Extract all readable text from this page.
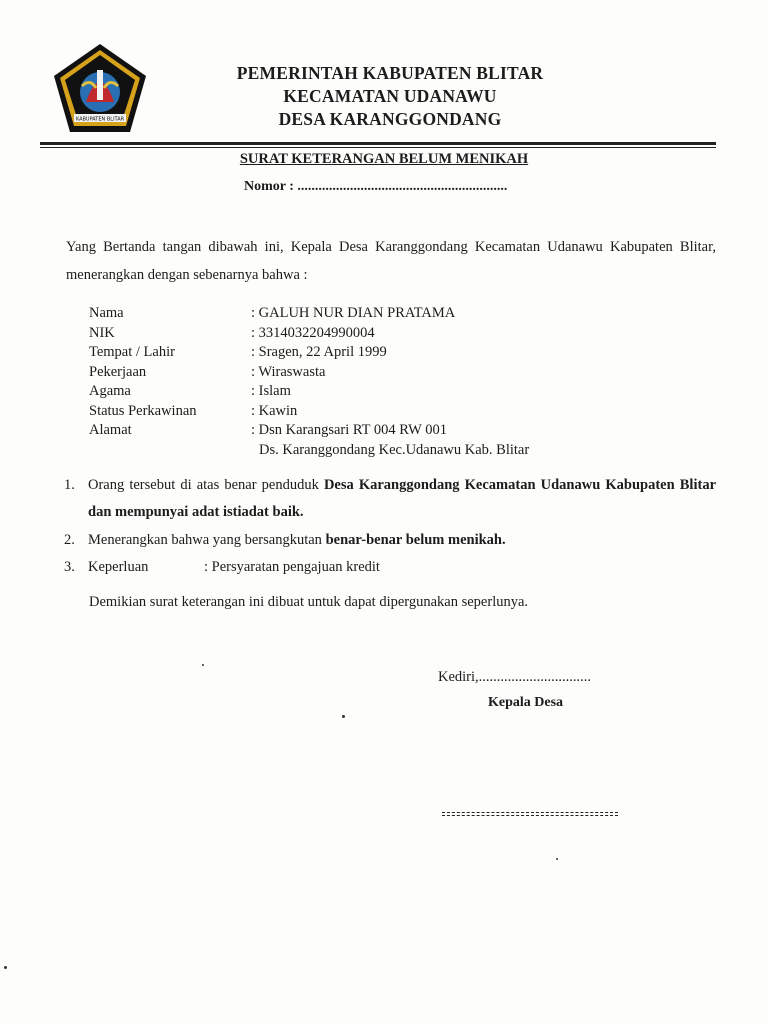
KABUPATEN BLITAR
PEMERINTAH KABUPATEN BLITAR
KECAMATAN UDANAWU
DESA KARANGGONDANG
SURAT KETERANGAN BELUM MENIKAH
Nomor : ............................................................
Yang Bertanda tangan dibawah ini, Kepala Desa Karanggondang Kecamatan Udanawu Kabupaten Blitar, menerangkan dengan sebenarnya bahwa :
Nama	: GALUH NUR DIAN PRATAMA
NIK	: 3314032204990004
Tempat / Lahir	: Sragen, 22 April 1999
Pekerjaan	: Wiraswasta
Agama	: Islam
Status Perkawinan	: Kawin
Alamat	: Dsn Karangsari RT 004 RW 001
Ds. Karanggondang Kec.Udanawu Kab. Blitar
1. Orang tersebut di atas benar penduduk Desa Karanggondang Kecamatan Udanawu Kabupaten Blitar dan mempunyai adat istiadat baik.
2. Menerangkan bahwa yang bersangkutan benar-benar belum menikah.
3. Keperluan	: Persyaratan pengajuan kredit
Demikian surat keterangan ini dibuat untuk dapat dipergunakan seperlunya.
Kediri,...............................
Kepala Desa
